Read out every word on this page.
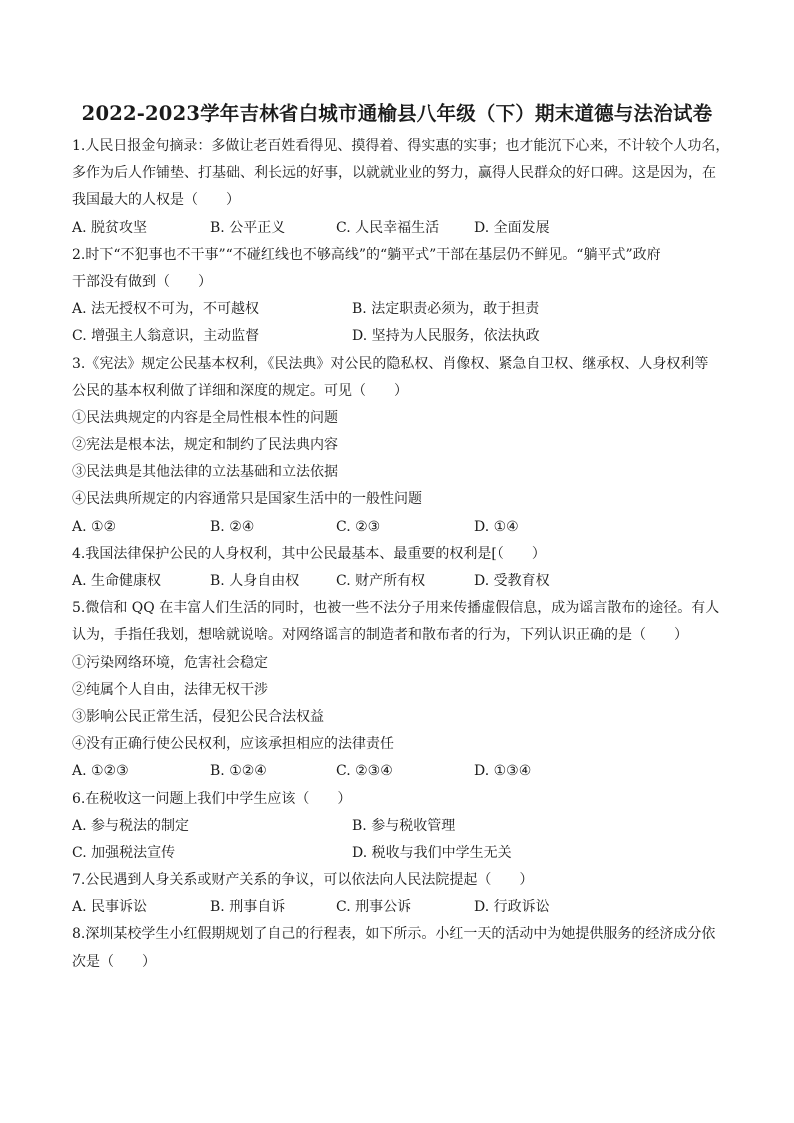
2022-2023学年吉林省白城市通榆县八年级（下）期末道德与法治试卷
1.人民日报金句摘录：多做让老百姓看得见、摸得着、得实惠的实事；也才能沉下心来，不计较个人功名，
多作为后人作铺垫、打基础、利长远的好事，以就就业业的努力，赢得人民群众的好口碑。这是因为，在
我国最大的人权是（　　）
A. 脱贫攻坚	B. 公平正义	C. 人民幸福生活	D. 全面发展
2.时下“不犯事也不干事”“不碰红线也不够高线”的“躺平式”干部在基层仍不鲜见。“躺平式”政府
干部没有做到（　　）
A. 法无授权不可为，不可越权	B. 法定职责必须为，敢于担责
C. 增强主人翁意识，主动监督	D. 坚持为人民服务，依法执政
3.《宪法》规定公民基本权利，《民法典》对公民的隐私权、肖像权、紧急自卫权、继承权、人身权利等
公民的基本权利做了详细和深度的规定。可见（　　）
①民法典规定的内容是全局性根本性的问题
②宪法是根本法，规定和制约了民法典内容
③民法典是其他法律的立法基础和立法依据
④民法典所规定的内容通常只是国家生活中的一般性问题
A. ①②	B. ②④	C. ②③	D. ①④
4.我国法律保护公民的人身权利，其中公民最基本、最重要的权利是[（　　）
A. 生命健康权	B. 人身自由权	C. 财产所有权	D. 受教育权
5.微信和 QQ 在丰富人们生活的同时，也被一些不法分子用来传播虚假信息，成为谣言散布的途径。有人
认为，手指任我划，想啥就说啥。对网络谣言的制造者和散布者的行为，下列认识正确的是（　　）
①污染网络环境，危害社会稳定
②纯属个人自由，法律无权干涉
③影响公民正常生活，侵犯公民合法权益
④没有正确行使公民权利，应该承担相应的法律责任
A. ①②③	B. ①②④	C. ②③④	D. ①③④
6.在税收这一问题上我们中学生应该（　　）
A. 参与税法的制定	B. 参与税收管理
C. 加强税法宣传	D. 税收与我们中学生无关
7.公民遇到人身关系或财产关系的争议，可以依法向人民法院提起（　　）
A. 民事诉讼	B. 刑事自诉	C. 刑事公诉	D. 行政诉讼
8.深圳某校学生小红假期规划了自己的行程表，如下所示。小红一天的活动中为她提供服务的经济成分依
次是（　　）
